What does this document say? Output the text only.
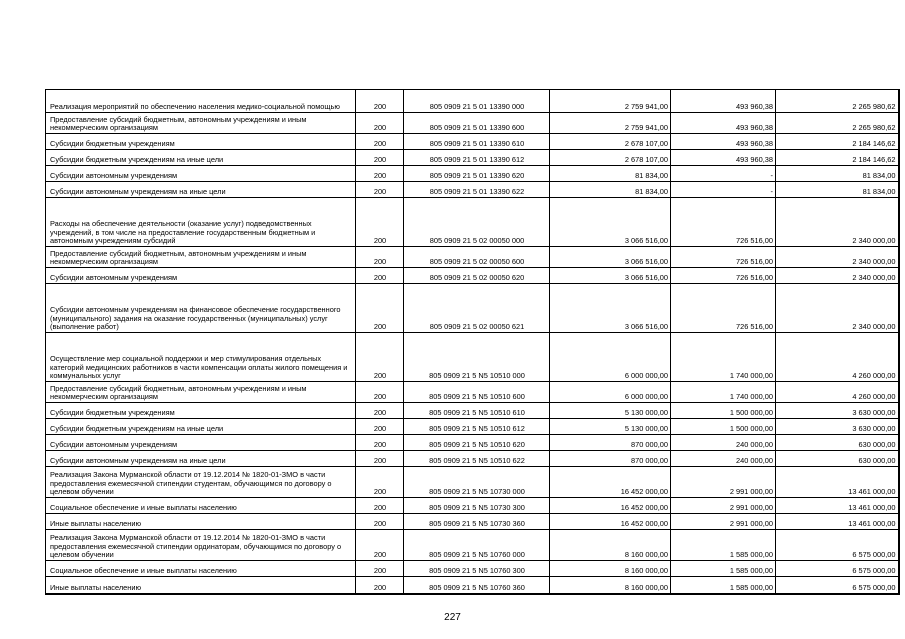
Реализация мероприятий по обеспечению населения медико-социальной помощью	200	805 0909 21 5 01 13390 000	2 759 941,00	493 960,38	2 265 980,62
Предоставление субсидий бюджетным, автономным учреждениям и иным некоммерческим организациям	200	805 0909 21 5 01 13390 600	2 759 941,00	493 960,38	2 265 980,62
Субсидии бюджетным учреждениям	200	805 0909 21 5 01 13390 610	2 678 107,00	493 960,38	2 184 146,62
Субсидии бюджетным учреждениям на иные цели	200	805 0909 21 5 01 13390 612	2 678 107,00	493 960,38	2 184 146,62
Субсидии автономным учреждениям	200	805 0909 21 5 01 13390 620	81 834,00	-	81 834,00
Субсидии автономным учреждениям на иные цели	200	805 0909 21 5 01 13390 622	81 834,00	-	81 834,00
Расходы на обеспечение деятельности (оказание услуг) подведомственных учреждений, в том числе на предоставление государственным бюджетным и автономным учреждениям субсидий	200	805 0909 21 5 02 00050 000	3 066 516,00	726 516,00	2 340 000,00
Предоставление субсидий бюджетным, автономным учреждениям и иным некоммерческим организациям	200	805 0909 21 5 02 00050 600	3 066 516,00	726 516,00	2 340 000,00
Субсидии автономным учреждениям	200	805 0909 21 5 02 00050 620	3 066 516,00	726 516,00	2 340 000,00
Субсидии автономным учреждениям на финансовое обеспечение государственного (муниципального) задания на оказание государственных (муниципальных) услуг (выполнение работ)	200	805 0909 21 5 02 00050 621	3 066 516,00	726 516,00	2 340 000,00
Осуществление мер социальной поддержки и мер стимулирования отдельных категорий медицинских работников в части компенсации оплаты жилого помещения и коммунальных услуг	200	805 0909 21 5 N5 10510 000	6 000 000,00	1 740 000,00	4 260 000,00
Предоставление субсидий бюджетным, автономным учреждениям и иным некоммерческим организациям	200	805 0909 21 5 N5 10510 600	6 000 000,00	1 740 000,00	4 260 000,00
Субсидии бюджетным учреждениям	200	805 0909 21 5 N5 10510 610	5 130 000,00	1 500 000,00	3 630 000,00
Субсидии бюджетным учреждениям на иные цели	200	805 0909 21 5 N5 10510 612	5 130 000,00	1 500 000,00	3 630 000,00
Субсидии автономным учреждениям	200	805 0909 21 5 N5 10510 620	870 000,00	240 000,00	630 000,00
Субсидии автономным учреждениям на иные цели	200	805 0909 21 5 N5 10510 622	870 000,00	240 000,00	630 000,00
Реализация Закона Мурманской области от 19.12.2014 № 1820-01-ЗМО в части предоставления ежемесячной стипендии студентам, обучающимся по договору о целевом обучении	200	805 0909 21 5 N5 10730 000	16 452 000,00	2 991 000,00	13 461 000,00
Социальное обеспечение и иные выплаты населению	200	805 0909 21 5 N5 10730 300	16 452 000,00	2 991 000,00	13 461 000,00
Иные выплаты населению	200	805 0909 21 5 N5 10730 360	16 452 000,00	2 991 000,00	13 461 000,00
Реализация Закона Мурманской области от 19.12.2014 № 1820-01-ЗМО в части предоставления ежемесячной стипендии ординаторам, обучающимся по договору о целевом обучении	200	805 0909 21 5 N5 10760 000	8 160 000,00	1 585 000,00	6 575 000,00
Социальное обеспечение и иные выплаты населению	200	805 0909 21 5 N5 10760 300	8 160 000,00	1 585 000,00	6 575 000,00
Иные выплаты населению	200	805 0909 21 5 N5 10760 360	8 160 000,00	1 585 000,00	6 575 000,00
227
